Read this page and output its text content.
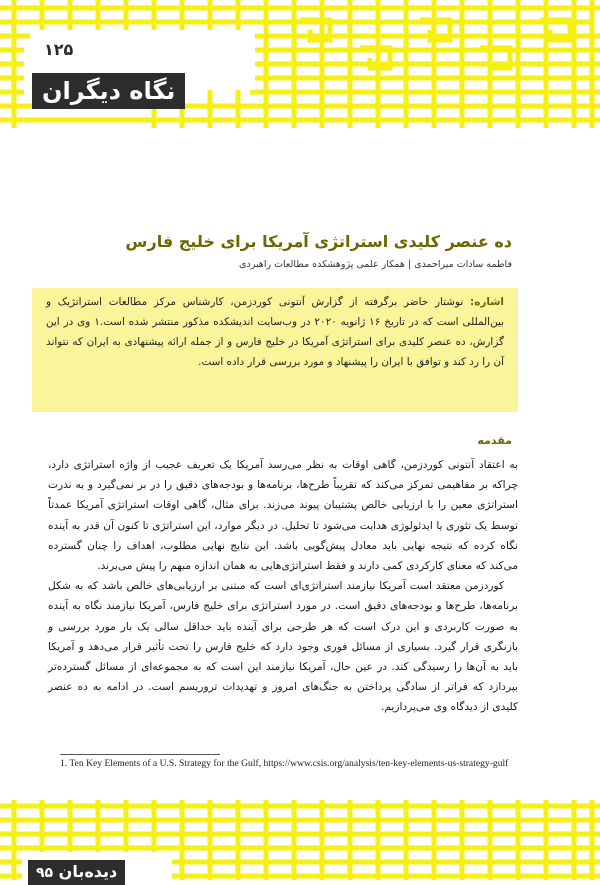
۱۲۵
نگاه دیگران
ده عنصر کلیدی استراتژی آمریکا برای خلیج فارس
فاطمه سادات میراحمدی | همکار علمی پژوهشکده مطالعات راهبردی
اشاره: نوشتار حاضر برگرفته از گزارش آنتونی کوردزمن، کارشناس مرکز مطالعات استراتژیک و بین‌المللی است که در تاریخ ۱۶ ژانویه ۲۰۲۰ در وب‌سایت اندیشکده مذکور منتشر شده است.۱ وی در این گزارش، ده عنصر کلیدی برای استراتژی آمریکا در خلیج فارس و از جمله ارائه پیشنهادی به ایران که نتواند آن را رد کند و توافق با ایران را پیشنهاد و مورد بررسی قرار داده است.
مقدمه

به اعتقاد آنتونی کوردزمن، گاهی اوقات به نظر می‌رسد آمریکا یک تعریف عجیب از واژه استراتژی دارد، چراکه بر مفاهیمی تمرکز می‌کند که تقریباً طرح‌ها، برنامه‌ها و بودجه‌های دقیق را در بر نمی‌گیرد و به ندرت استراتژی معین را با ارزیابی خالص پشتیبان پیوند می‌زند. برای مثال، گاهی اوقات استراتژی آمریکا عمدتاً توسط یک تئوری یا ایدئولوژی هدایت می‌شود تا تحلیل. در دیگر موارد، این استراتژی تا کنون آن قدر به آینده نگاه کرده که نتیجه نهایی باید معادل پیش‌گویی باشد. این نتایج نهایی مطلوب، اهداف را چنان گسترده می‌کند که معنای کارکردی کمی دارند و فقط استراتژی‌هایی به همان اندازه مبهم را پیش می‌برند.

کوردزمن معتقد است آمریکا نیازمند استراتژی‌ای است که مبتنی بر ارزیابی‌های خالص باشد که به شکل برنامه‌ها، طرح‌ها و بودجه‌های دقیق است. در مورد استراتژی برای خلیج فارس، آمریکا نیازمند نگاه به آینده به صورت کاربردی و این درک است که هر طرحی برای آینده باید حداقل سالی یک بار مورد بررسی و بازنگری قرار گیرد. بسیاری از مسائل فوری وجود دارد که خلیج فارس را تحت تأثیر قرار می‌دهد و آمریکا باید به آن‌ها را رسیدگی کند. در عین حال، آمریکا نیازمند این است که به مجموعه‌ای از مسائل گسترده‌تر بپردازد که فراتر از سادگی پرداختن به جنگ‌های امروز و تهدیدات تروریسم است. در ادامه به ده عنصر کلیدی از دیدگاه وی می‌پردازیم.

1. Ten Key Elements of a U.S. Strategy for the Gulf, https://www.csis.org/analysis/ten-key-elements-us-strategy-gulf
دیده‌بان ۹۵
